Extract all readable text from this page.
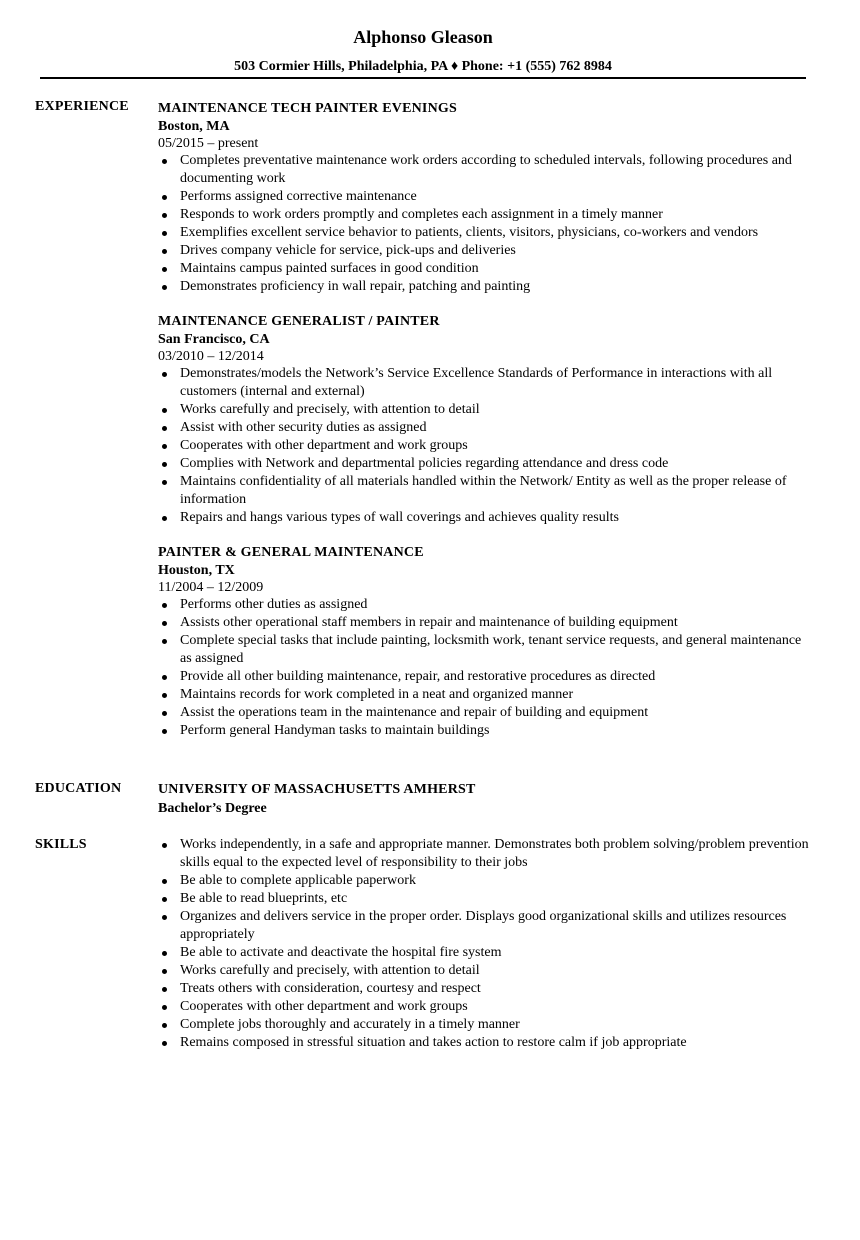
Alphonso Gleason
503 Cormier Hills, Philadelphia, PA ♦ Phone: +1 (555) 762 8984
EXPERIENCE MAINTENANCE TECH PAINTER EVENINGS
Boston, MA
05/2015 – present
Completes preventative maintenance work orders according to scheduled intervals, following procedures and documenting work
Performs assigned corrective maintenance
Responds to work orders promptly and completes each assignment in a timely manner
Exemplifies excellent service behavior to patients, clients, visitors, physicians, co-workers and vendors
Drives company vehicle for service, pick-ups and deliveries
Maintains campus painted surfaces in good condition
Demonstrates proficiency in wall repair, patching and painting
MAINTENANCE GENERALIST / PAINTER
San Francisco, CA
03/2010 – 12/2014
Demonstrates/models the Network’s Service Excellence Standards of Performance in interactions with all customers (internal and external)
Works carefully and precisely, with attention to detail
Assist with other security duties as assigned
Cooperates with other department and work groups
Complies with Network and departmental policies regarding attendance and dress code
Maintains confidentiality of all materials handled within the Network/ Entity as well as the proper release of information
Repairs and hangs various types of wall coverings and achieves quality results
PAINTER & GENERAL MAINTENANCE
Houston, TX
11/2004 – 12/2009
Performs other duties as assigned
Assists other operational staff members in repair and maintenance of building equipment
Complete special tasks that include painting, locksmith work, tenant service requests, and general maintenance as assigned
Provide all other building maintenance, repair, and restorative procedures as directed
Maintains records for work completed in a neat and organized manner
Assist the operations team in the maintenance and repair of building and equipment
Perform general Handyman tasks to maintain buildings
EDUCATION	UNIVERSITY OF MASSACHUSETTS AMHERST
Bachelor’s Degree
SKILLS	Works independently, in a safe and appropriate manner. Demonstrates both problem solving/problem prevention skills equal to the expected level of responsibility to their jobs
Be able to complete applicable paperwork
Be able to read blueprints, etc
Organizes and delivers service in the proper order. Displays good organizational skills and utilizes resources appropriately
Be able to activate and deactivate the hospital fire system
Works carefully and precisely, with attention to detail
Treats others with consideration, courtesy and respect
Cooperates with other department and work groups
Complete jobs thoroughly and accurately in a timely manner
Remains composed in stressful situation and takes action to restore calm if job appropriate
